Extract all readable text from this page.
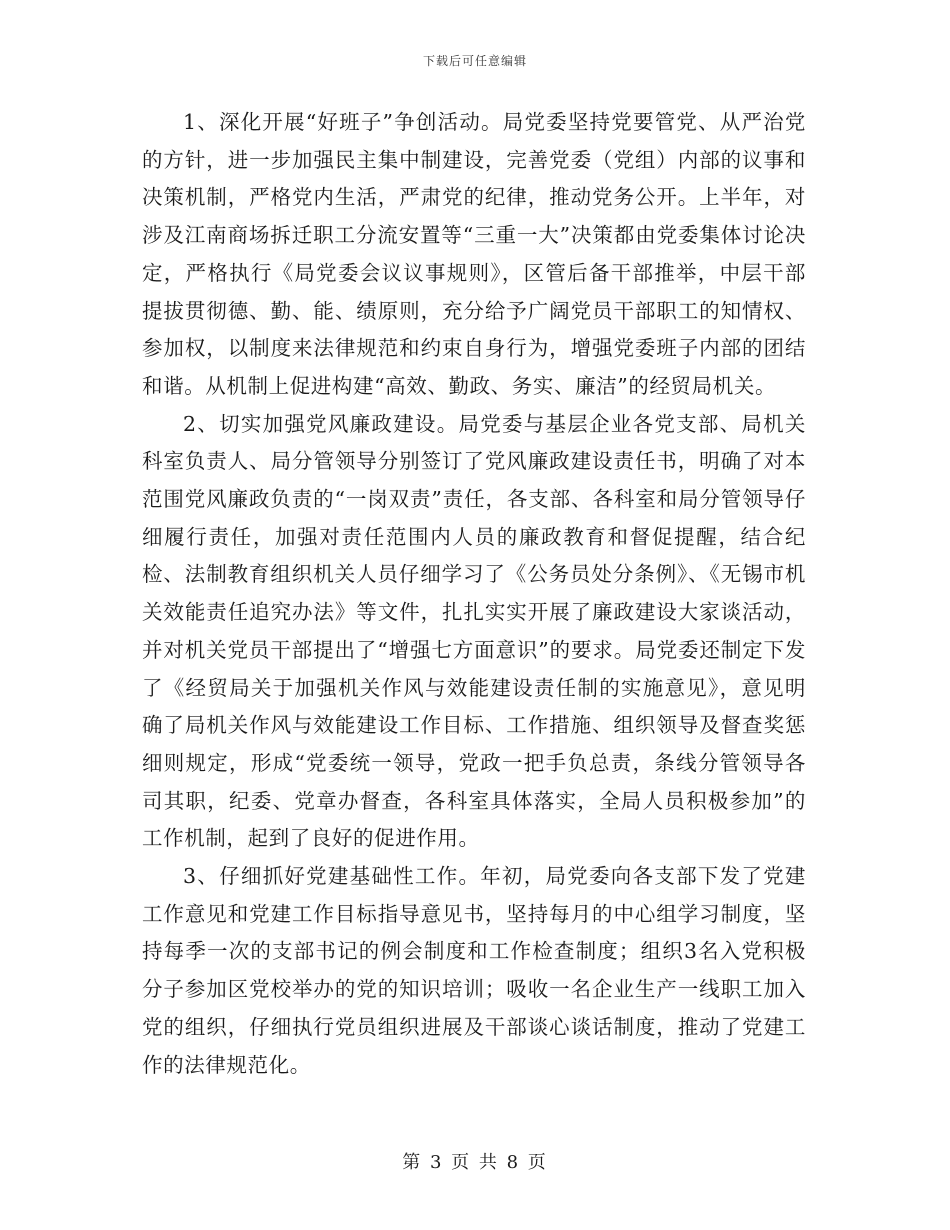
下载后可任意编辑

1、深化开展“好班子”争创活动。局党委坚持党要管党、从严治党的方针，进一步加强民主集中制建设，完善党委（党组）内部的议事和决策机制，严格党内生活，严肃党的纪律，推动党务公开。上半年，对涉及江南商场拆迁职工分流安置等“三重一大”决策都由党委集体讨论决定，严格执行《局党委会议议事规则》，区管后备干部推举，中层干部提拔贯彻德、勤、能、绩原则，充分给予广阔党员干部职工的知情权、参加权，以制度来法律规范和约束自身行为，增强党委班子内部的团结和谐。从机制上促进构建“高效、勤政、务实、廉洁”的经贸局机关。

2、切实加强党风廉政建设。局党委与基层企业各党支部、局机关科室负责人、局分管领导分别签订了党风廉政建设责任书，明确了对本范围党风廉政负责的“一岗双责”责任，各支部、各科室和局分管领导仔细履行责任，加强对责任范围内人员的廉政教育和督促提醒，结合纪检、法制教育组织机关人员仔细学习了《公务员处分条例》、《无锡市机关效能责任追究办法》等文件，扎扎实实开展了廉政建设大家谈活动，并对机关党员干部提出了“增强七方面意识”的要求。局党委还制定下发了《经贸局关于加强机关作风与效能建设责任制的实施意见》，意见明确了局机关作风与效能建设工作目标、工作措施、组织领导及督查奖惩细则规定，形成“党委统一领导，党政一把手负总责，条线分管领导各司其职，纪委、党章办督查，各科室具体落实，全局人员积极参加”的工作机制，起到了良好的促进作用。

3、仔细抓好党建基础性工作。年初，局党委向各支部下发了党建工作意见和党建工作目标指导意见书，坚持每月的中心组学习制度，坚持每季一次的支部书记的例会制度和工作检查制度；组织3名入党积极分子参加区党校举办的党的知识培训；吸收一名企业生产一线职工加入党的组织，仔细执行党员组织进展及干部谈心谈话制度，推动了党建工作的法律规范化。

第 3 页 共 8 页
